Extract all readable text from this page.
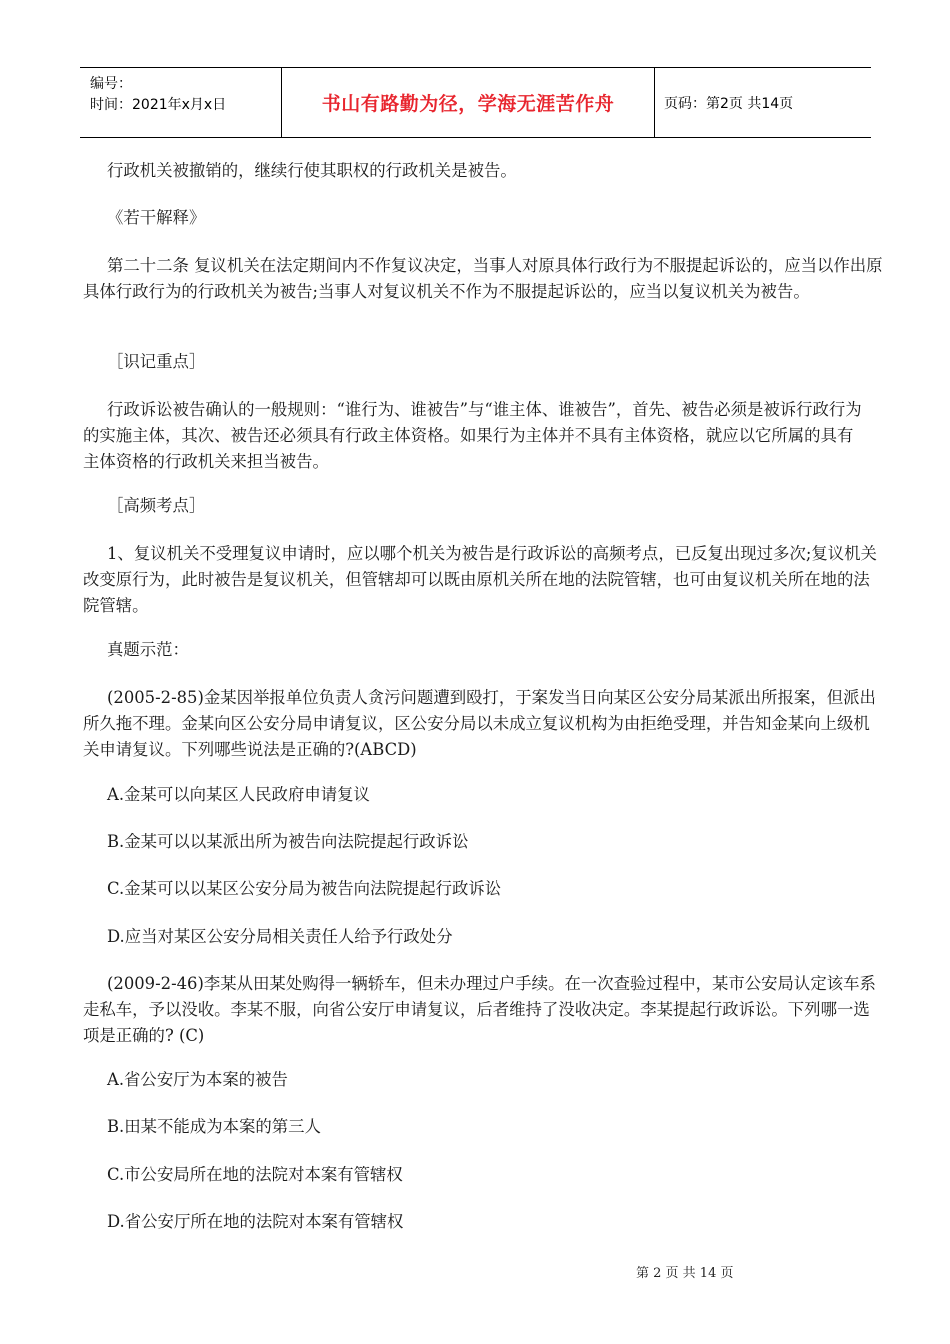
编号：
时间：2021年x月x日	书山有路勤为径，学海无涯苦作舟	页码：第2页 共14页

行政机关被撤销的，继续行使其职权的行政机关是被告。

《若干解释》

第二十二条 复议机关在法定期间内不作复议决定，当事人对原具体行政行为不服提起诉讼的，应当以作出原具体行政行为的行政机关为被告;当事人对复议机关不作为不服提起诉讼的，应当以复议机关为被告。

［识记重点］

行政诉讼被告确认的一般规则：“谁行为、谁被告”与“谁主体、谁被告”，首先、被告必须是被诉行政行为的实施主体，其次、被告还必须具有行政主体资格。如果行为主体并不具有主体资格，就应以它所属的具有主体资格的行政机关来担当被告。

［高频考点］

1、复议机关不受理复议申请时，应以哪个机关为被告是行政诉讼的高频考点，已反复出现过多次;复议机关改变原行为，此时被告是复议机关，但管辖却可以既由原机关所在地的法院管辖，也可由复议机关所在地的法院管辖。

真题示范：

(2005-2-85)金某因举报单位负责人贪污问题遭到殴打，于案发当日向某区公安分局某派出所报案，但派出所久拖不理。金某向区公安分局申请复议，区公安分局以未成立复议机构为由拒绝受理，并告知金某向上级机关申请复议。下列哪些说法是正确的?(ABCD)

A.金某可以向某区人民政府申请复议

B.金某可以以某派出所为被告向法院提起行政诉讼

C.金某可以以某区公安分局为被告向法院提起行政诉讼

D.应当对某区公安分局相关责任人给予行政处分

(2009-2-46)李某从田某处购得一辆轿车，但未办理过户手续。在一次查验过程中，某市公安局认定该车系走私车，予以没收。李某不服，向省公安厅申请复议，后者维持了没收决定。李某提起行政诉讼。下列哪一选项是正确的? (C)

A.省公安厅为本案的被告

B.田某不能成为本案的第三人

C.市公安局所在地的法院对本案有管辖权

D.省公安厅所在地的法院对本案有管辖权

第 2 页 共 14 页
